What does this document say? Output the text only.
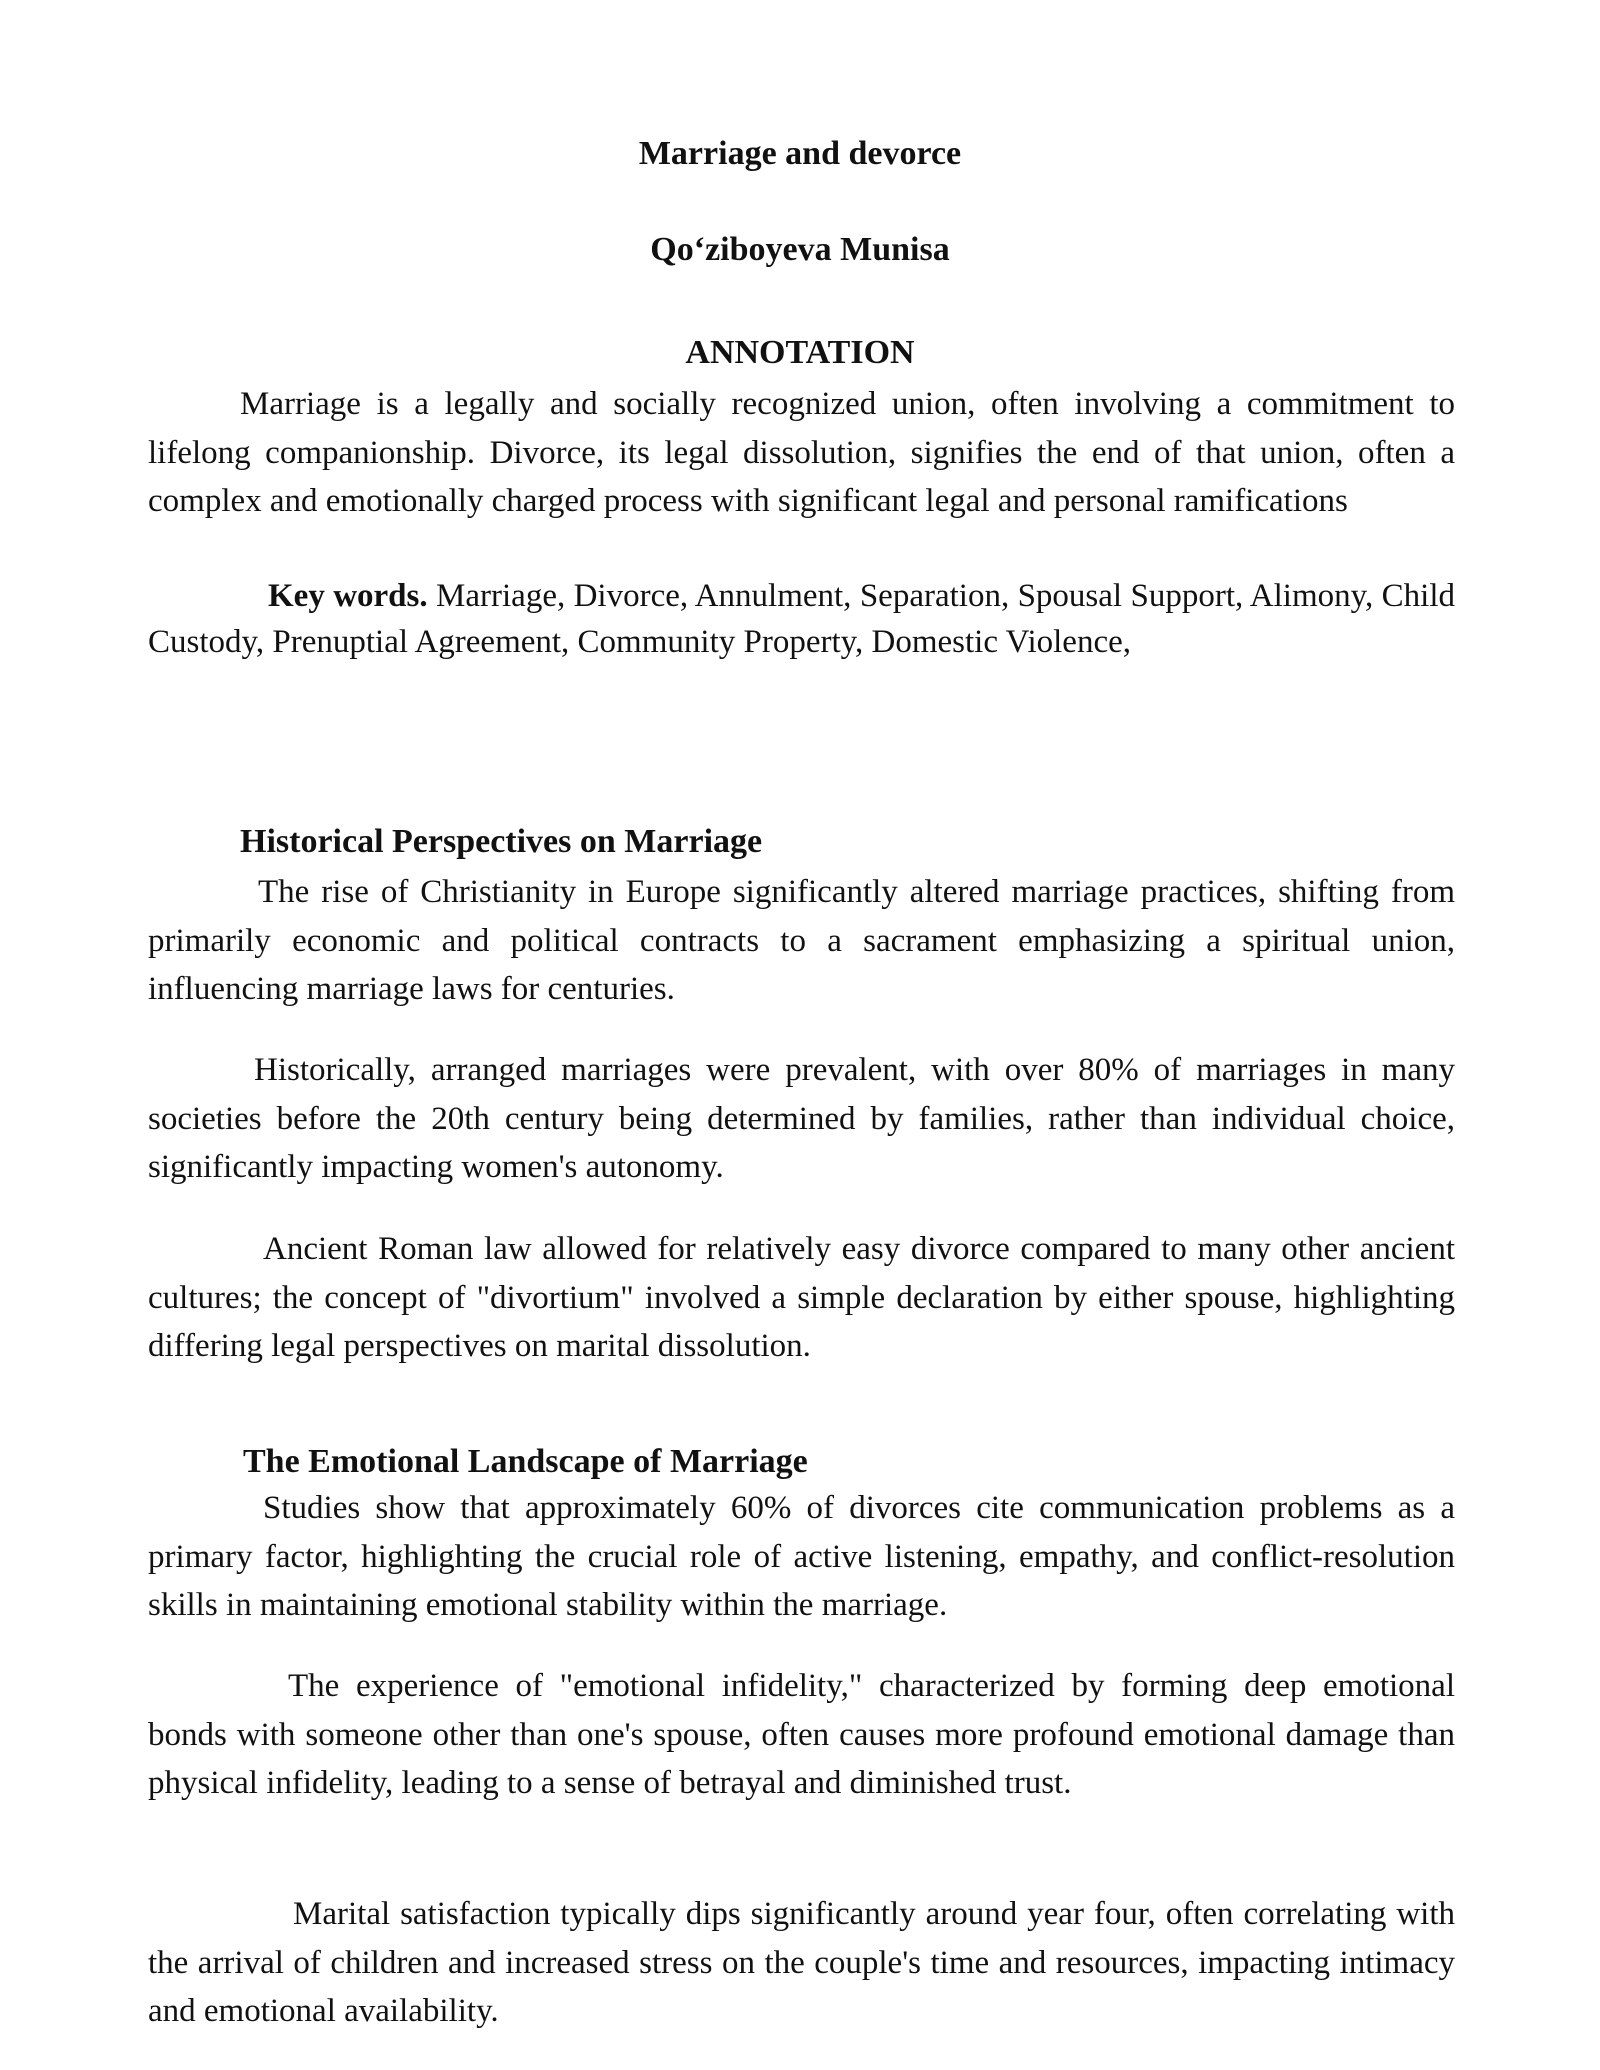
Marriage and devorce
Qo‘ziboyeva Munisa
ANNOTATION

Marriage is a legally and socially recognized union, often involving a commitment to lifelong companionship. Divorce, its legal dissolution, signifies the end of that union, often a complex and emotionally charged process with significant legal and personal ramifications

Key words. Marriage, Divorce, Annulment, Separation, Spousal Support, Alimony, Child Custody, Prenuptial Agreement, Community Property, Domestic Violence,

Historical Perspectives on Marriage

The rise of Christianity in Europe significantly altered marriage practices, shifting from primarily economic and political contracts to a sacrament emphasizing a spiritual union, influencing marriage laws for centuries.

Historically, arranged marriages were prevalent, with over 80% of marriages in many societies before the 20th century being determined by families, rather than individual choice, significantly impacting women's autonomy.

Ancient Roman law allowed for relatively easy divorce compared to many other ancient cultures; the concept of "divortium" involved a simple declaration by either spouse, highlighting differing legal perspectives on marital dissolution.

The Emotional Landscape of Marriage

Studies show that approximately 60% of divorces cite communication problems as a primary factor, highlighting the crucial role of active listening, empathy, and conflict-resolution skills in maintaining emotional stability within the marriage.

The experience of "emotional infidelity," characterized by forming deep emotional bonds with someone other than one's spouse, often causes more profound emotional damage than physical infidelity, leading to a sense of betrayal and diminished trust.

Marital satisfaction typically dips significantly around year four, often correlating with the arrival of children and increased stress on the couple's time and resources, impacting intimacy and emotional availability.
